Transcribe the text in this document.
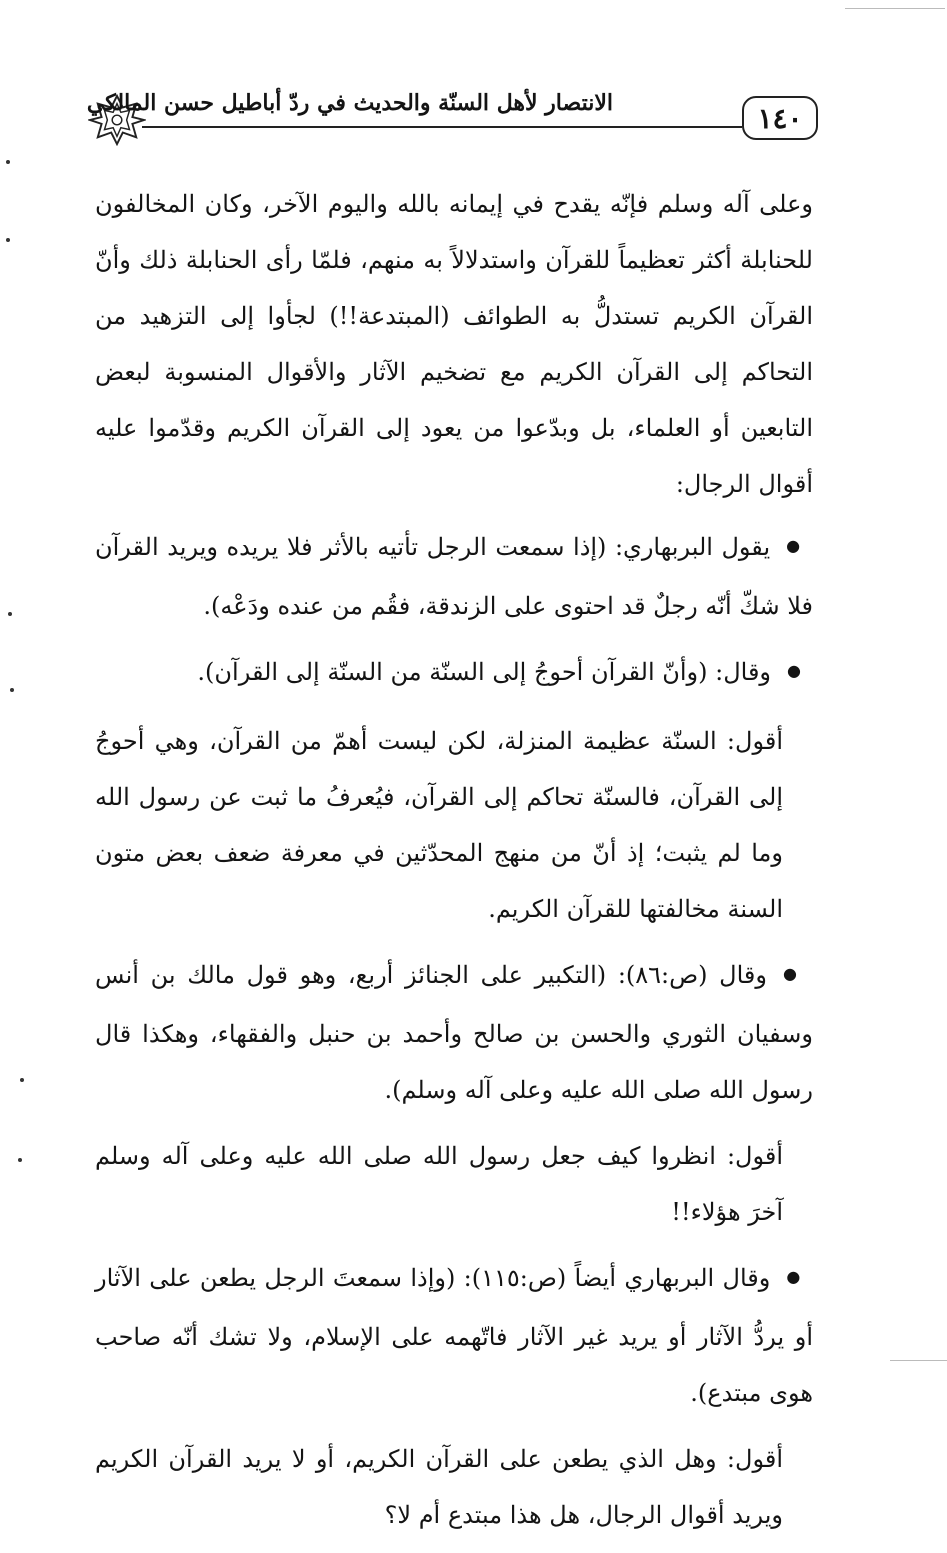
الانتصار لأهل السنّة والحديث في ردّ أباطيل حسن المالكي	١٤٠

وعلى آله وسلم فإنّه يقدح في إيمانه بالله واليوم الآخر، وكان المخالفون للحنابلة أكثر تعظيماً للقرآن واستدلالاً به منهم، فلمّا رأى الحنابلة ذلك وأنّ القرآن الكريم تستدلُّ به الطوائف (المبتدعة!!) لجأوا إلى التزهيد من التحاكم إلى القرآن الكريم مع تضخيم الآثار والأقوال المنسوبة لبعض التابعين أو العلماء، بل وبدّعوا من يعود إلى القرآن الكريم وقدّموا عليه أقوال الرجال:

● يقول البربهاري: (إذا سمعت الرجل تأتيه بالأثر فلا يريده ويريد القرآن فلا شكّ أنّه رجلٌ قد احتوى على الزندقة، فقُم من عنده ودَعْه).

● وقال: (وأنّ القرآن أحوجُ إلى السنّة من السنّة إلى القرآن).

أقول: السنّة عظيمة المنزلة، لكن ليست أهمّ من القرآن، وهي أحوجُ إلى القرآن، فالسنّة تحاكم إلى القرآن، فيُعرفُ ما ثبت عن رسول الله وما لم يثبت؛ إذ أنّ من منهج المحدّثين في معرفة ضعف بعض متون السنة مخالفتها للقرآن الكريم.

● وقال (ص:٨٦): (التكبير على الجنائز أربع، وهو قول مالك بن أنس وسفيان الثوري والحسن بن صالح وأحمد بن حنبل والفقهاء، وهكذا قال رسول الله صلى الله عليه وعلى آله وسلم).

أقول: انظروا كيف جعل رسول الله صلى الله عليه وعلى آله وسلم آخرَ هؤلاء!!

● وقال البربهاري أيضاً (ص:١١٥): (وإذا سمعتَ الرجل يطعن على الآثار أو يردُّ الآثار أو يريد غير الآثار فاتّهمه على الإسلام، ولا تشك أنّه صاحب هوى مبتدع).

أقول: وهل الذي يطعن على القرآن الكريم، أو لا يريد القرآن الكريم ويريد أقوال الرجال، هل هذا مبتدع أم لا؟
